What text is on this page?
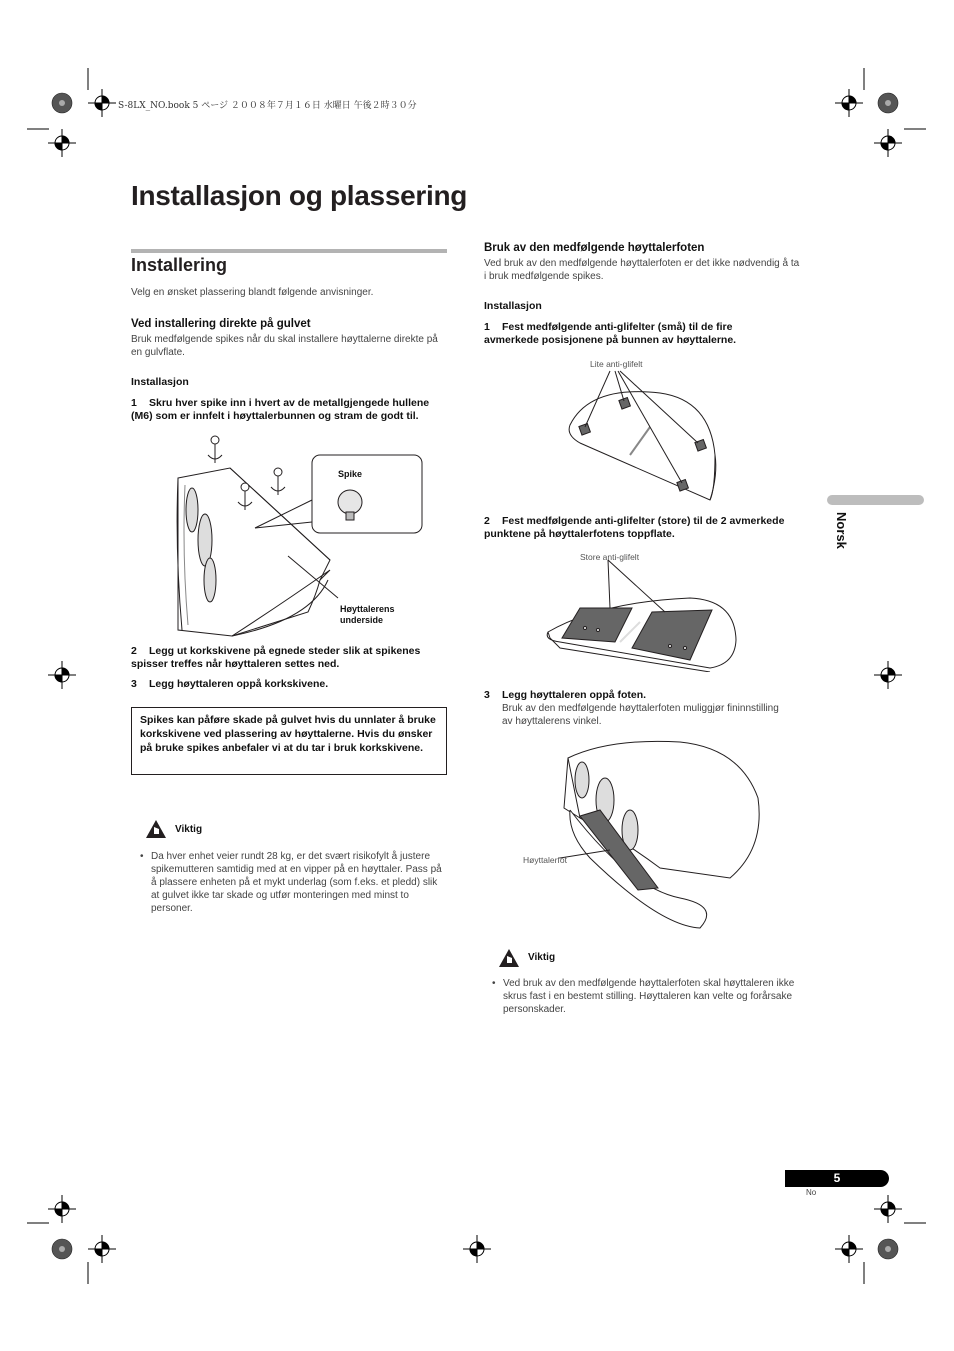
S-8LX_NO.book 5 ページ ２００８年７月１６日 水曜日 午後２時３０分
Installasjon og plassering
Installering
Velg en ønsket plassering blandt følgende anvisninger.
Ved installering direkte på gulvet
Bruk medfølgende spikes når du skal installere høyttalerne direkte på en gulvflate.
Installasjon
1 Skru hver spike inn i hvert av de metallgjengede hullene (M6) som er innfelt i høyttalerbunnen og stram de godt til.
Spike
Høyttalerens underside
2 Legg ut korkskivene på egnede steder slik at spikenes spisser treffes når høyttaleren settes ned.
3 Legg høyttaleren oppå korkskivene.
Spikes kan påføre skade på gulvet hvis du unnlater å bruke korkskivene ved plassering av høyttalerne. Hvis du ønsker på bruke spikes anbefaler vi at du tar i bruk korkskivene.
Viktig
• Da hver enhet veier rundt 28 kg, er det svært risikofylt å justere spikemutteren samtidig med at en vipper på en høyttaler. Pass på å plassere enheten på et mykt underlag (som f.eks. et pledd) slik at gulvet ikke tar skade og utfør monteringen med minst to personer.
Bruk av den medfølgende høyttalerfoten
Ved bruk av den medfølgende høyttalerfoten er det ikke nødvendig å ta i bruk medfølgende spikes.
Installasjon
1 Fest medfølgende anti-glifelter (små) til de fire avmerkede posisjonene på bunnen av høyttalerne.
Lite anti-glifelt
2 Fest medfølgende anti-glifelter (store) til de 2 avmerkede punktene på høyttalerfotens toppflate.
Store anti-glifelt
3 Legg høyttaleren oppå foten.
Bruk av den medfølgende høyttalerfoten muliggjør fininnstilling av høyttalerens vinkel.
Høyttalerfot
Viktig
• Ved bruk av den medfølgende høyttalerfoten skal høyttaleren ikke skrus fast i en bestemt stilling. Høyttaleren kan velte og forårsake personskader.
Norsk
5
No
